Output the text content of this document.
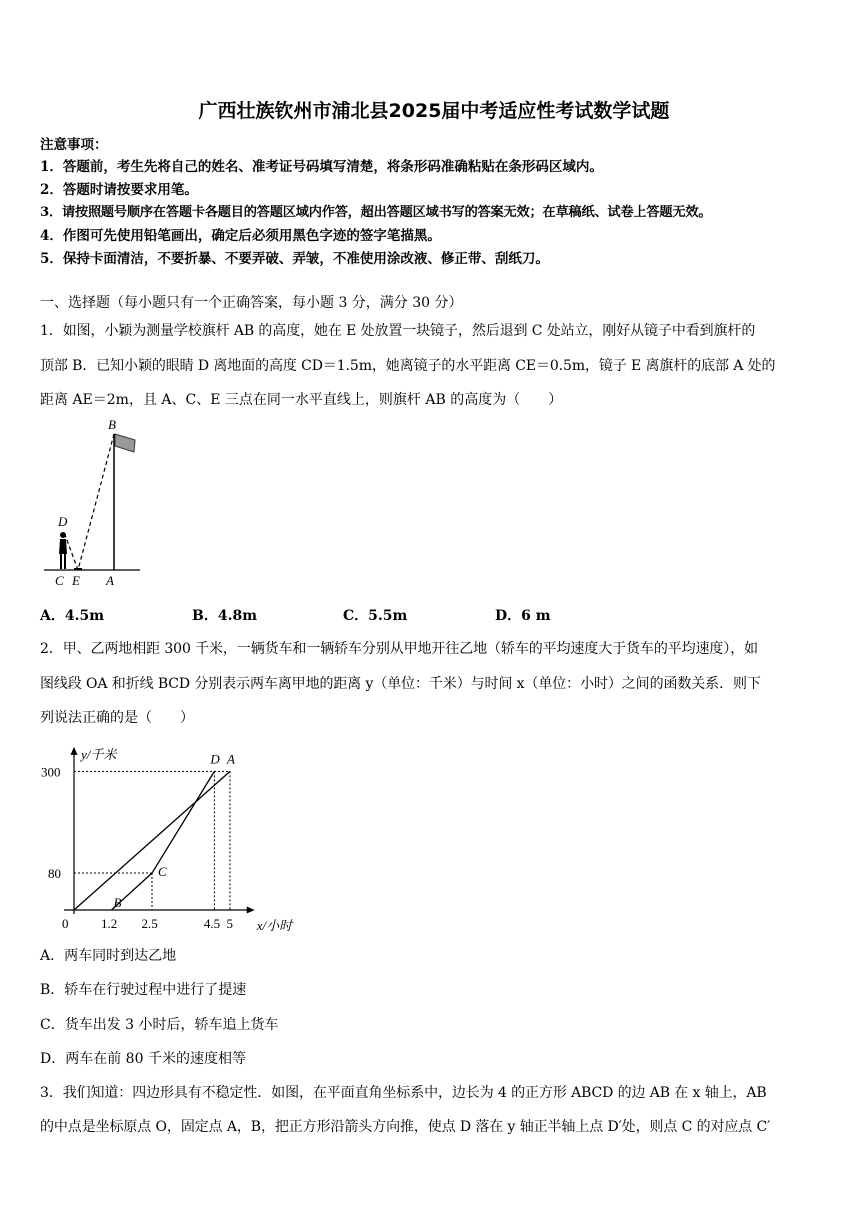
广西壮族钦州市浦北县2025届中考适应性考试数学试题
注意事项：
1．答题前，考生先将自己的姓名、准考证号码填写清楚，将条形码准确粘贴在条形码区域内。
2．答题时请按要求用笔。
3．请按照题号顺序在答题卡各题目的答题区域内作答，超出答题区域书写的答案无效；在草稿纸、试卷上答题无效。
4．作图可先使用铅笔画出，确定后必须用黑色字迹的签字笔描黑。
5．保持卡面清洁，不要折暴、不要弄破、弄皱，不准使用涂改液、修正带、刮纸刀。
一、选择题（每小题只有一个正确答案，每小题 3 分，满分 30 分）
1．如图，小颖为测量学校旗杆 AB 的高度，她在 E 处放置一块镜子，然后退到 C 处站立，刚好从镜子中看到旗杆的
顶部 B．已知小颖的眼睛 D 离地面的高度 CD＝1.5m，她离镜子的水平距离 CE＝0.5m，镜子 E 离旗杆的底部 A 处的
距离 AE＝2m，且 A、C、E 三点在同一水平直线上，则旗杆 AB 的高度为（　　）
B
D
C E A
A．4.5m	B．4.8m	C．5.5m	D．6 m
2．甲、乙两地相距 300 千米，一辆货车和一辆轿车分别从甲地开往乙地（轿车的平均速度大于货车的平均速度），如
图线段 OA 和折线 BCD 分别表示两车离甲地的距离 y（单位：千米）与时间 x（单位：小时）之间的函数关系．则下
列说法正确的是（　　）
x/小时
y/千米
0 1.2 2.5	4.5 5
80
300
B
C
D A
A．两车同时到达乙地
B．轿车在行驶过程中进行了提速
C．货车出发 3 小时后，轿车追上货车
D．两车在前 80 千米的速度相等
3．我们知道：四边形具有不稳定性．如图，在平面直角坐标系中，边长为 4 的正方形 ABCD 的边 AB 在 x 轴上，AB
的中点是坐标原点 O，固定点 A，B，把正方形沿箭头方向推，使点 D 落在 y 轴正半轴上点 D′处，则点 C 的对应点 C′
